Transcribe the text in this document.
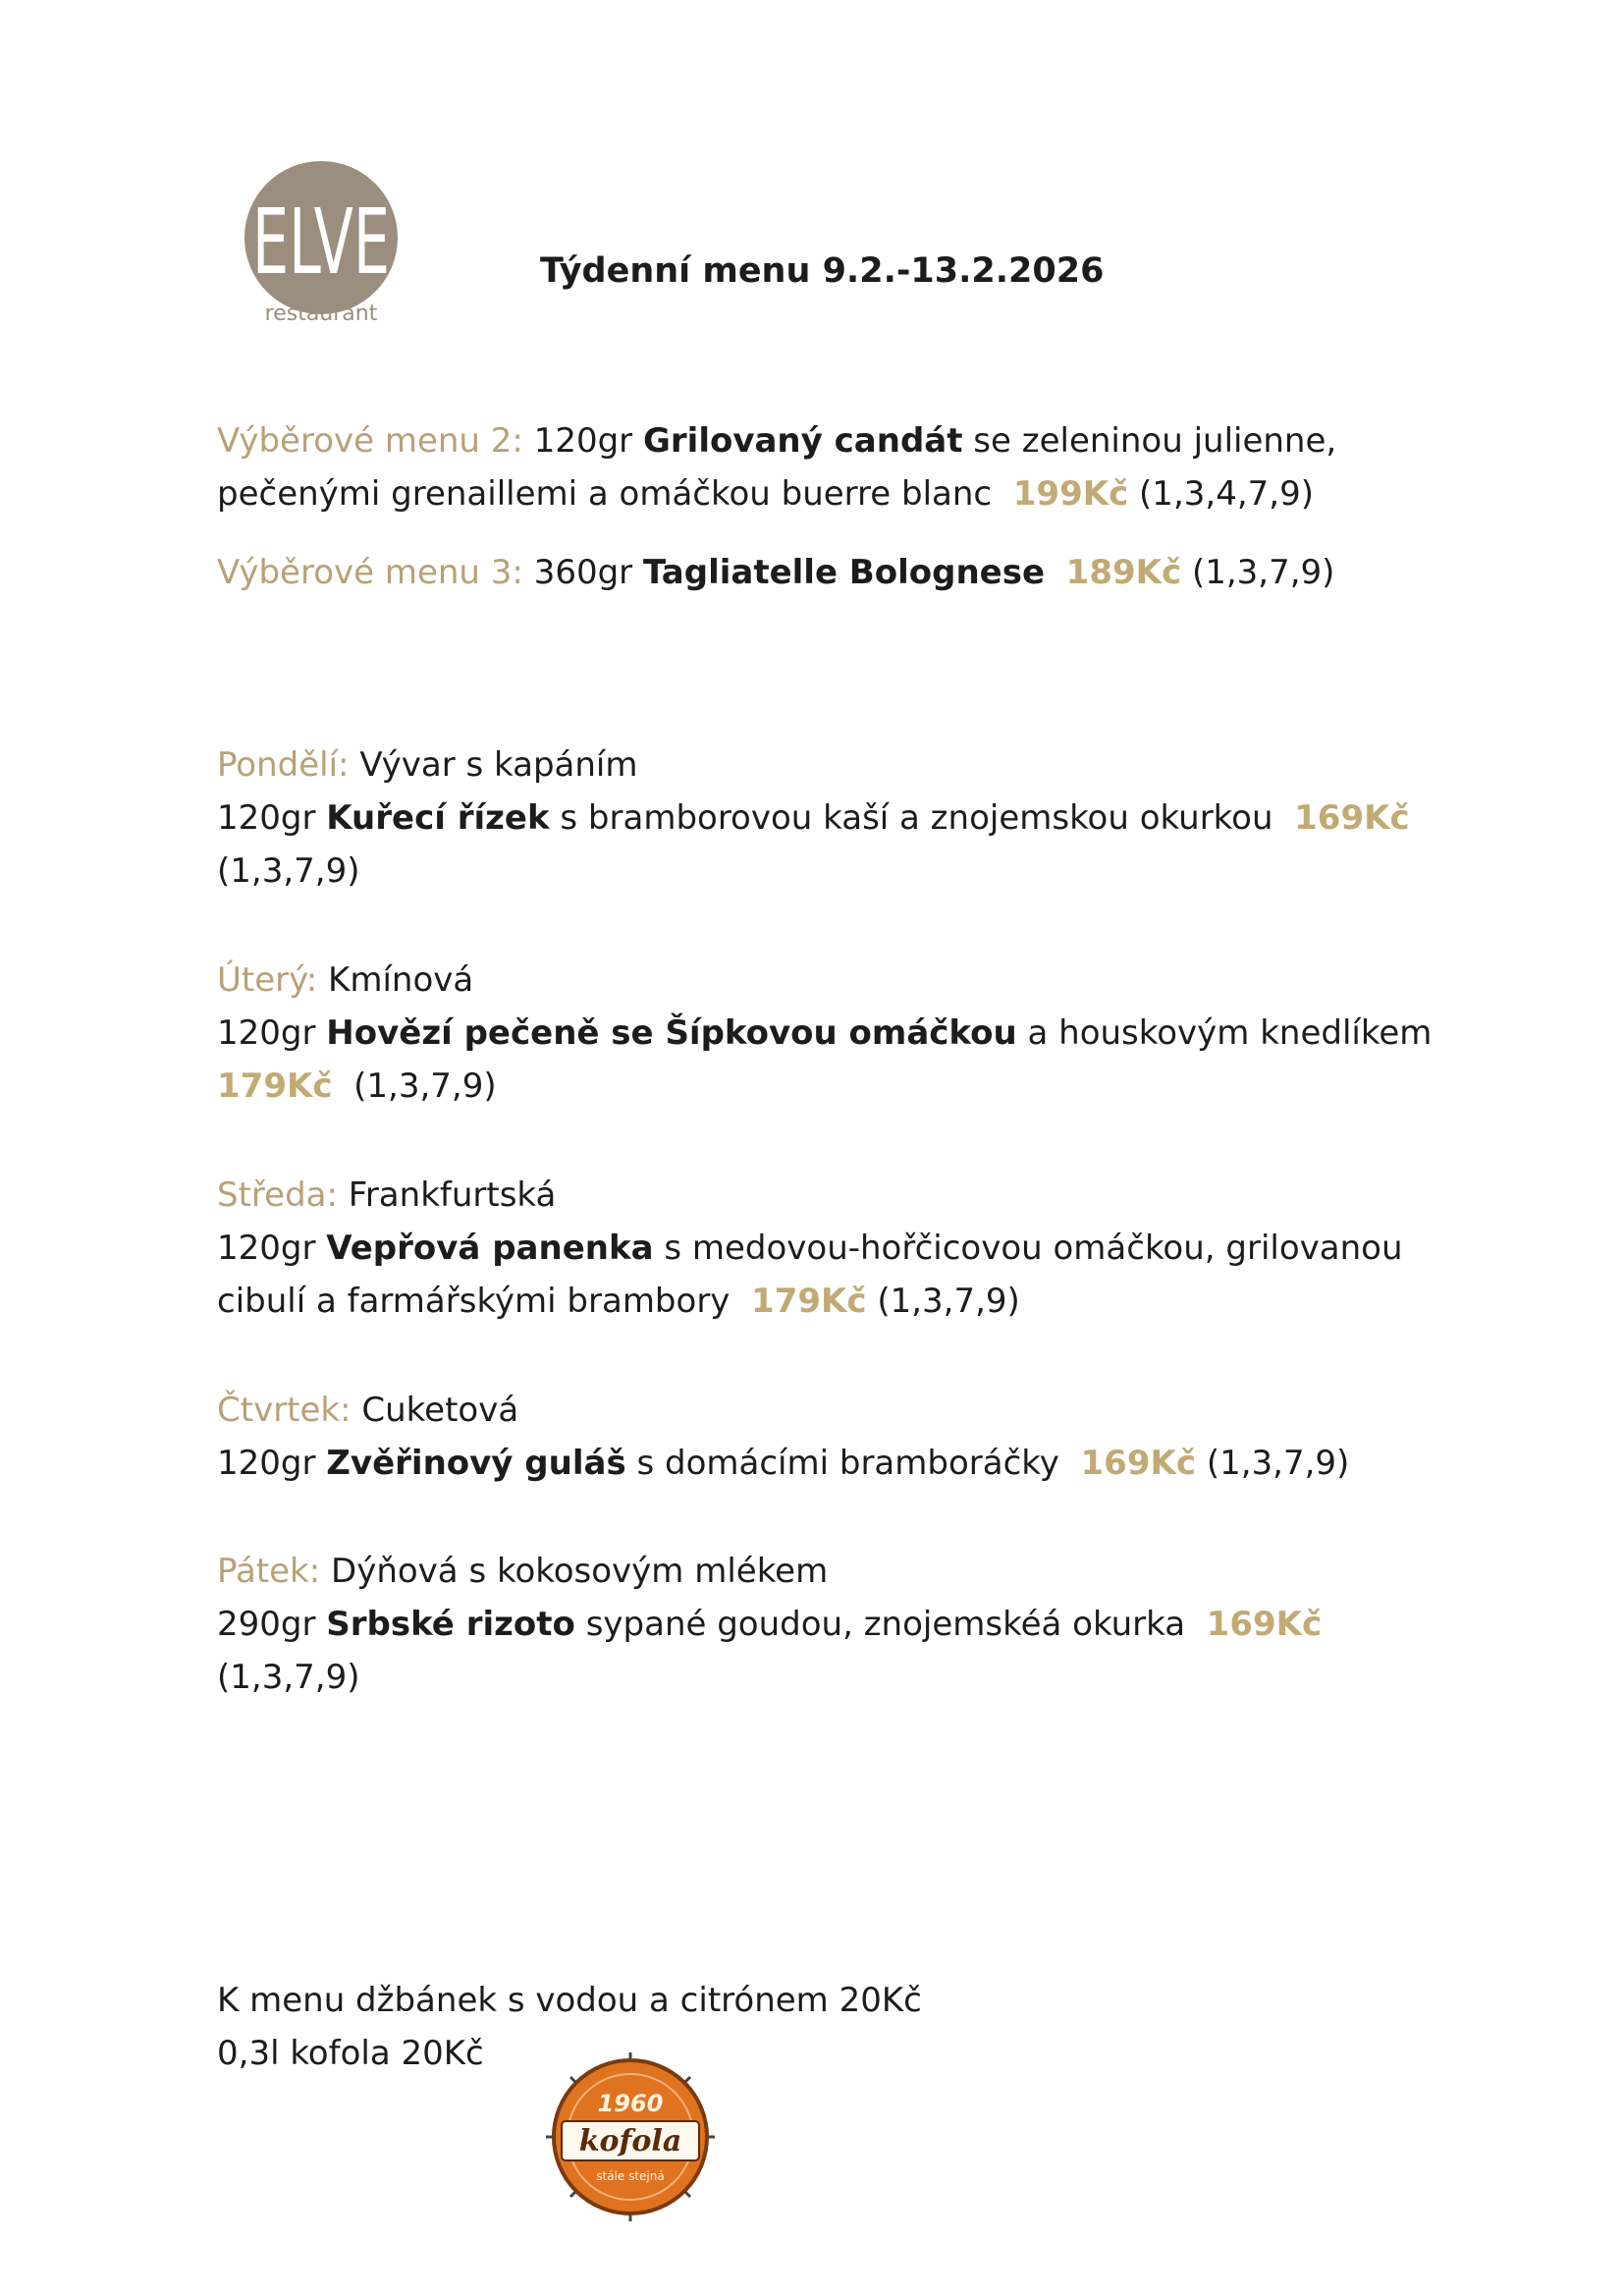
ELVE
restaurant
Týdenní menu 9.2.-13.2.2026

Výběrové menu 2: 120gr Grilovaný candát se zeleninou julienne,

pečenými grenaillemi a omáčkou buerre blanc 199Kč (1,3,4,7,9)

Výběrové menu 3: 360gr Tagliatelle Bolognese 189Kč (1,3,7,9)

Pondělí: Vývar s kapáním

120gr Kuřecí řízek s bramborovou kaší a znojemskou okurkou 169Kč

(1,3,7,9)

Úterý: Kmínová

120gr Hovězí pečeně se Šípkovou omáčkou a houskovým knedlíkem

179Kč (1,3,7,9)

Středa: Frankfurtská

120gr Vepřová panenka s medovou-hořčicovou omáčkou, grilovanou

cibulí a farmářskými brambory 179Kč (1,3,7,9)

Čtvrtek: Cuketová

120gr Zvěřinový guláš s domácími bramboráčky 169Kč (1,3,7,9)

Pátek: Dýňová s kokosovým mlékem

290gr Srbské rizoto sypané goudou, znojemskéá okurka 169Kč

(1,3,7,9)

K menu džbánek s vodou a citrónem 20Kč

0,3l kofola 20Kč

1960
kofola
stále stejná
